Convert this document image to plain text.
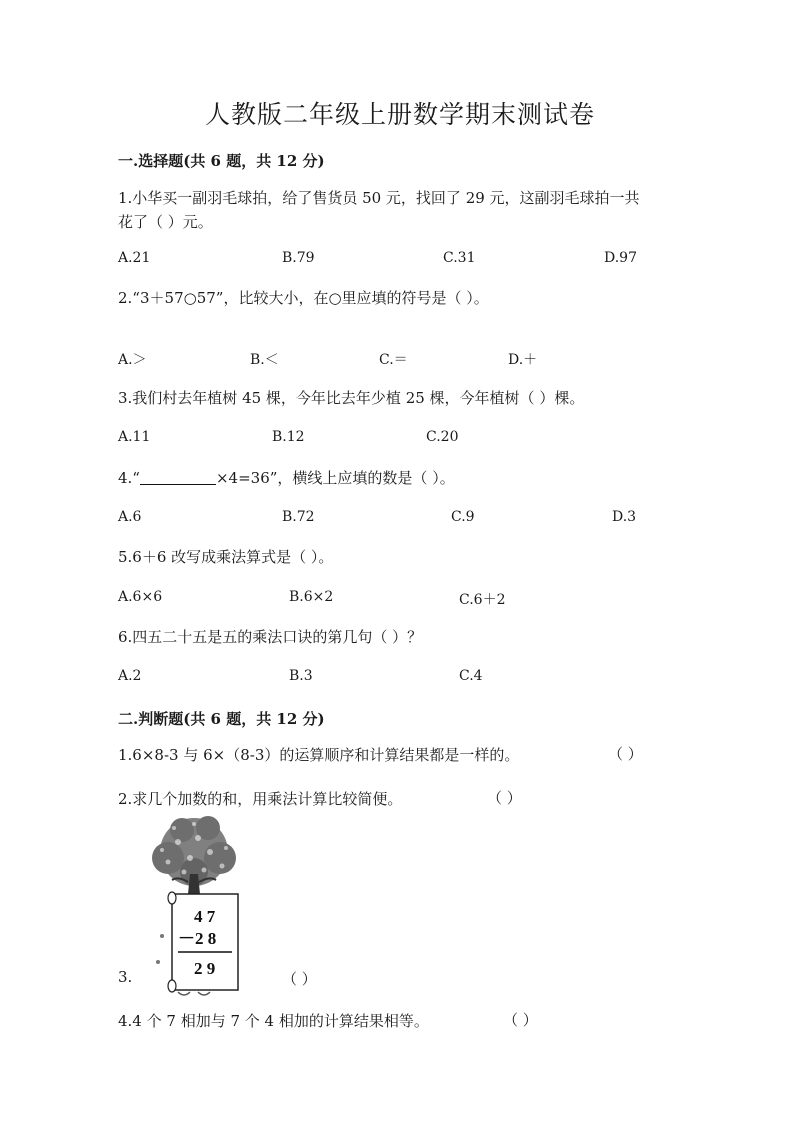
人教版二年级上册数学期末测试卷
一.选择题(共 6 题，共 12 分)
1.小华买一副羽毛球拍，给了售货员 50 元，找回了 29 元，这副羽毛球拍一共
花了（ ）元。
A.21	B.79	C.31	D.97
2.“3＋57○57”，比较大小，在○里应填的符号是（ ）。
A.＞	B.＜	C.＝	D.＋
3.我们村去年植树 45 棵，今年比去年少植 25 棵，今年植树（ ）棵。
A.11	B.12	C.20
4.“	×4=36”，横线上应填的数是（ ）。
A.6	B.72	C.9	D.3
5.6＋6 改写成乘法算式是（ ）。
A.6×6	B.6×2	C.6＋2
6.四五二十五是五的乘法口诀的第几句（ ）？
A.2	B.3	C.4
二.判断题(共 6 题，共 12 分)
1.6×8-3 与 6×（8-3）的运算顺序和计算结果都是一样的。	（ ）
2.求几个加数的和，用乘法计算比较简便。	（ ）
4 7
－2 8
2 9
3.	（ ）
4.4 个 7 相加与 7 个 4 相加的计算结果相等。	（ ）
